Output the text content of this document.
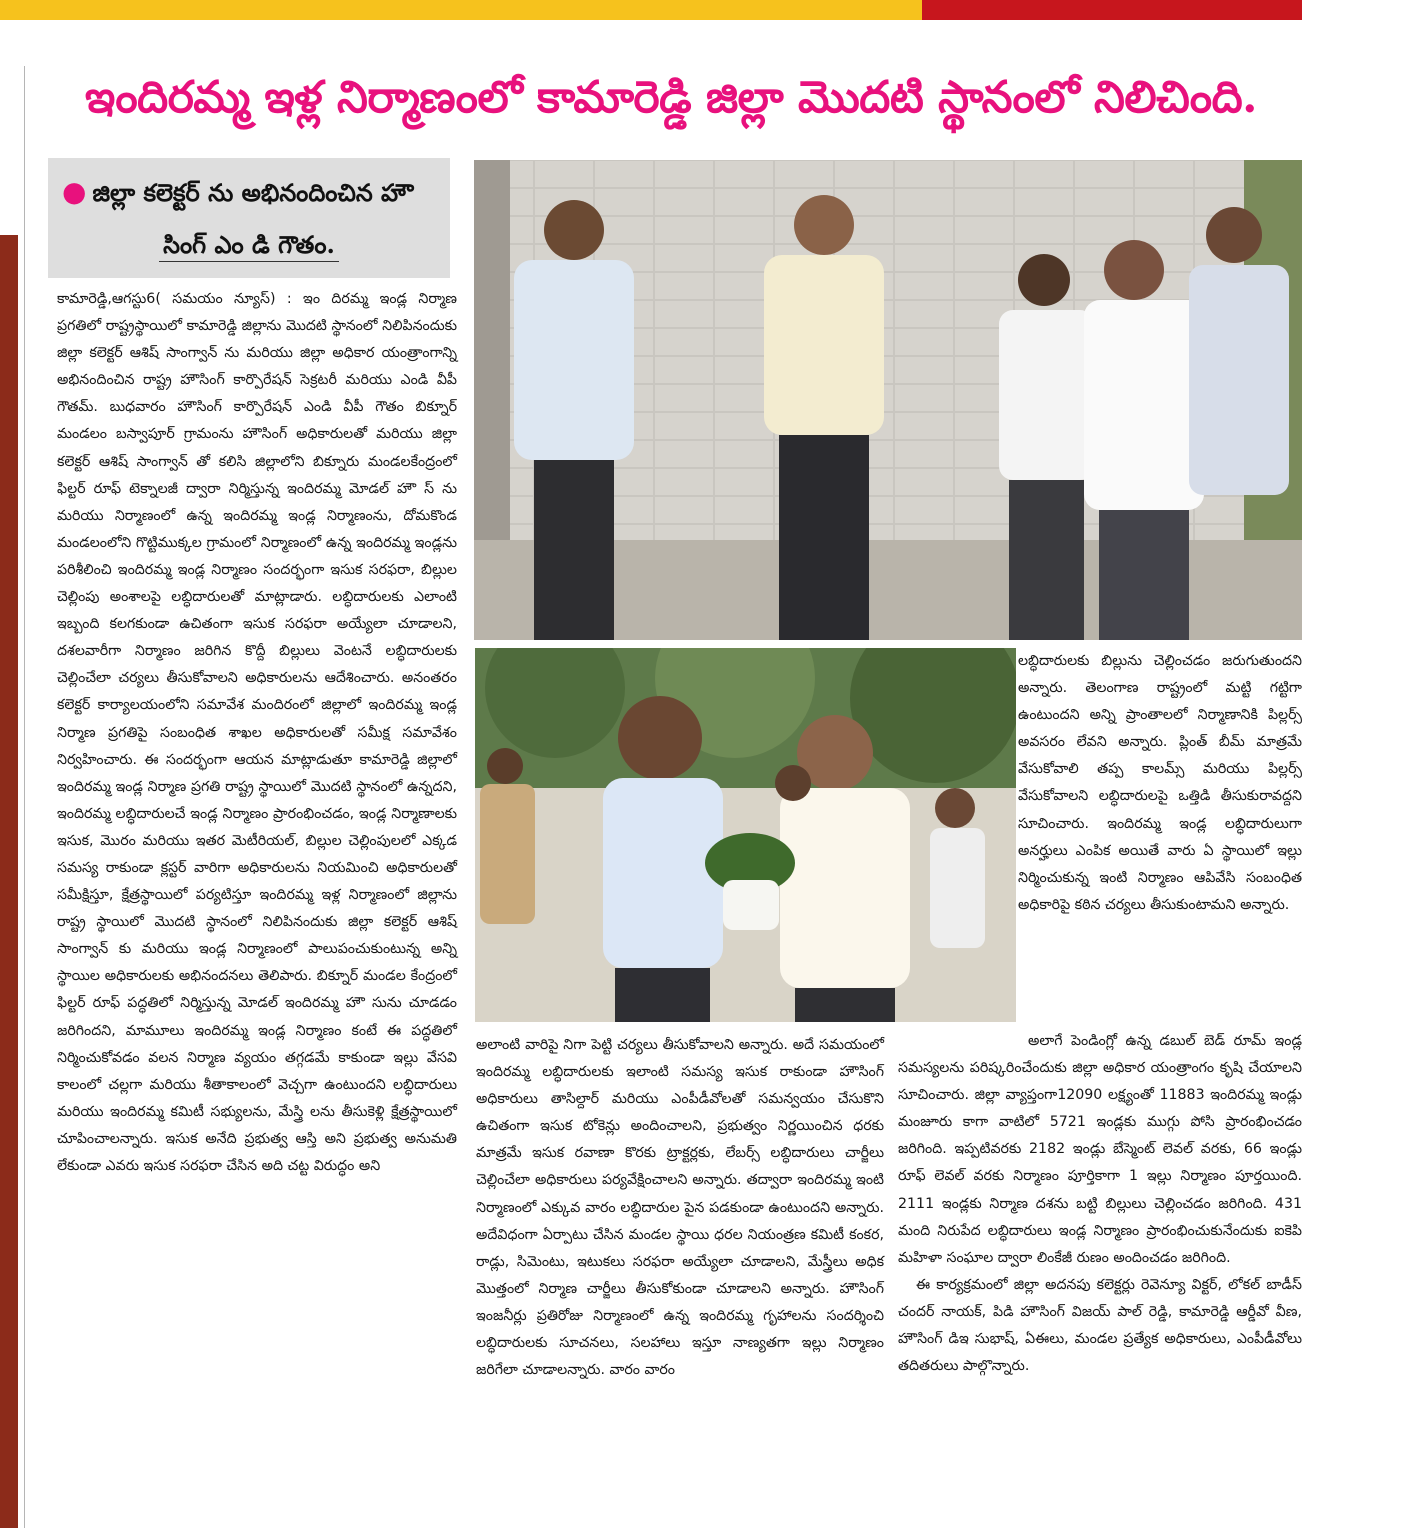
ఇందిరమ్మ ఇళ్ల నిర్మాణంలో కామారెడ్డి జిల్లా మొదటి స్థానంలో నిలిచింది.
● జిల్లా కలెక్టర్ ను అభినందించిన హౌ
సింగ్ ఎం డి గౌతం.

కామారెడ్డి,ఆగస్టు6( సమయం న్యూస్) : ఇం దిరమ్మ ఇండ్ల నిర్మాణ ప్రగతిలో రాష్ట్రస్థాయిలో కామారెడ్డి జిల్లాను మొదటి స్థానంలో నిలిపినందుకు జిల్లా కలెక్టర్ ఆశిష్ సాంగ్వాన్ ను మరియు జిల్లా అధికార యంత్రాంగాన్ని అభినందించిన రాష్ట్ర హౌసింగ్ కార్పొరేషన్ సెక్రటరీ మరియు ఎండి వీపీ గౌతమ్. బుధవారం హౌసింగ్ కార్పొరేషన్ ఎండి వీపీ గౌతం బిక్నూర్ మండలం బస్వాపూర్ గ్రామంను హౌసింగ్ అధికారులతో మరియు జిల్లా కలెక్టర్ ఆశిష్ సాంగ్వాన్ తో కలిసి జిల్లాలోని బిక్నూరు మండలకేంద్రంలో ఫిల్టర్ రూఫ్ టెక్నాలజీ ద్వారా నిర్మిస్తున్న ఇందిరమ్మ మోడల్ హౌ స్ ను మరియు నిర్మాణంలో ఉన్న ఇందిరమ్మ ఇండ్ల నిర్మాణంను, దోమకొండ మండలంలోని గొట్టిముక్కల గ్రామంలో నిర్మాణంలో ఉన్న ఇందిరమ్మ ఇండ్లను పరిశీలించి ఇందిరమ్మ ఇండ్ల నిర్మాణం సందర్భంగా ఇసుక సరఫరా, బిల్లుల చెల్లింపు అంశాలపై లబ్ధిదారులతో మాట్లాడారు. లబ్ధిదారులకు ఎలాంటి ఇబ్బంది కలగకుండా ఉచితంగా ఇసుక సరఫరా అయ్యేలా చూడాలని, దశలవారీగా నిర్మాణం జరిగిన కొద్దీ బిల్లులు వెంటనే లబ్ధిదారులకు చెల్లించేలా చర్యలు తీసుకోవాలని అధికారులను ఆదేశించారు. అనంతరం కలెక్టర్ కార్యాలయంలోని సమావేశ మందిరంలో జిల్లాలో ఇందిరమ్మ ఇండ్ల నిర్మాణ ప్రగతిపై సంబంధిత శాఖల అధికారులతో సమీక్ష సమావేశం నిర్వహించారు. ఈ సందర్భంగా ఆయన మాట్లాడుతూ కామారెడ్డి జిల్లాలో ఇందిరమ్మ ఇండ్ల నిర్మాణ ప్రగతి రాష్ట్ర స్థాయిలో మొదటి స్థానంలో ఉన్నదని, ఇందిరమ్మ లబ్ధిదారులచే ఇండ్ల నిర్మాణం ప్రారంభించడం, ఇండ్ల నిర్మాణాలకు ఇసుక, మొరం మరియు ఇతర మెటీరియల్, బిల్లుల చెల్లింపులలో ఎక్కడ సమస్య రాకుండా క్లస్టర్ వారిగా అధికారులను నియమించి అధికారులతో సమీక్షిస్తూ, క్షేత్రస్థాయిలో పర్యటిస్తూ ఇందిరమ్మ ఇళ్ల నిర్మాణంలో జిల్లాను రాష్ట్ర స్థాయిలో మొదటి స్థానంలో నిలిపినందుకు జిల్లా కలెక్టర్ ఆశిష్ సాంగ్వాన్ కు మరియు ఇండ్ల నిర్మాణంలో పాలుపంచుకుంటున్న అన్ని స్థాయిల అధికారులకు అభినందనలు తెలిపారు. బిక్నూర్ మండల కేంద్రంలో ఫిల్టర్ రూఫ్ పద్ధతిలో నిర్మిస్తున్న మోడల్ ఇందిరమ్మ హౌ సును చూడడం జరిగిందని, మామూలు ఇందిరమ్మ ఇండ్ల నిర్మాణం కంటే ఈ పద్ధతిలో నిర్మించుకోవడం వలన నిర్మాణ వ్యయం తగ్గడమే కాకుండా ఇల్లు వేసవి కాలంలో చల్లగా మరియు శీతాకాలంలో వెచ్చగా ఉంటుందని లబ్ధిదారులు మరియు ఇందిరమ్మ కమిటీ సభ్యులను, మేస్త్రి లను తీసుకెళ్లి క్షేత్రస్థాయిలో చూపించాలన్నారు. ఇసుక అనేది ప్రభుత్వ ఆస్తి అని ప్రభుత్వ అనుమతి లేకుండా ఎవరు ఇసుక సరఫరా చేసిన అది చట్ట విరుద్ధం అని

లబ్ధిదారులకు బిల్లును చెల్లించడం జరుగుతుందని అన్నారు. తెలంగాణ రాష్ట్రంలో మట్టి గట్టిగా ఉంటుందని అన్ని ప్రాంతాలలో నిర్మాణానికి పిల్లర్స్ అవసరం లేవని అన్నారు. ప్లింత్ బీమ్ మాత్రమే వేసుకోవాలి తప్ప కాలమ్స్ మరియు పిల్లర్స్ వేసుకోవాలని లబ్ధిదారులపై ఒత్తిడి తీసుకురావద్దని సూచించారు. ఇందిరమ్మ ఇండ్ల లబ్ధిదారులుగా అనర్హులు ఎంపిక అయితే వారు ఏ స్థాయిలో ఇల్లు నిర్మించుకున్న ఇంటి నిర్మాణం ఆపివేసి సంబంధిత అధికారిపై కఠిన చర్యలు తీసుకుంటామని అన్నారు.

అలాంటి వారిపై నిగా పెట్టి చర్యలు తీసుకోవాలని అన్నారు. అదే సమయంలో ఇందిరమ్మ లబ్ధిదారులకు ఇలాంటి సమస్య ఇసుక రాకుండా హౌసింగ్ అధికారులు తాసిల్దార్ మరియు ఎంపీడీవోలతో సమన్వయం చేసుకొని ఉచితంగా ఇసుక టోకెన్లు అందించాలని, ప్రభుత్వం నిర్ణయించిన ధరకు మాత్రమే ఇసుక రవాణా కొరకు ట్రాక్టర్లకు, లేబర్స్ లబ్ధిదారులు చార్జీలు చెల్లించేలా అధికారులు పర్యవేక్షించాలని అన్నారు. తద్వారా ఇందిరమ్మ ఇంటి నిర్మాణంలో ఎక్కువ వారం లబ్ధిదారుల పైన పడకుండా ఉంటుందని అన్నారు. అదేవిధంగా ఏర్పాటు చేసిన మండల స్థాయి ధరల నియంత్రణ కమిటీ కంకర, రాడ్లు, సిమెంటు, ఇటుకలు సరఫరా అయ్యేలా చూడాలని, మేస్త్రీలు అధిక మొత్తంలో నిర్మాణ చార్జీలు తీసుకోకుండా చూడాలని అన్నారు. హౌసింగ్ ఇంజనీర్లు ప్రతిరోజు నిర్మాణంలో ఉన్న ఇందిరమ్మ గృహాలను సందర్శించి లబ్ధిదారులకు సూచనలు, సలహాలు ఇస్తూ నాణ్యతగా ఇల్లు నిర్మాణం జరిగేలా చూడాలన్నారు. వారం వారం

అలాగే పెండింగ్లో ఉన్న డబుల్ బెడ్ రూమ్ ఇండ్ల సమస్యలను పరిష్కరించేందుకు జిల్లా అధికార యంత్రాంగం కృషి చేయాలని సూచించారు. జిల్లా వ్యాప్తంగా12090 లక్ష్యంతో 11883 ఇందిరమ్మ ఇండ్లు మంజూరు కాగా వాటిలో 5721 ఇండ్లకు ముగ్గు పోసి ప్రారంభించడం జరిగింది. ఇప్పటివరకు 2182 ఇండ్లు బేస్మెంట్ లెవల్ వరకు, 66 ఇండ్లు రూఫ్ లెవల్ వరకు నిర్మాణం పూర్తికాగా 1 ఇల్లు నిర్మాణం పూర్తయింది. 2111 ఇండ్లకు నిర్మాణ దశను బట్టి బిల్లులు చెల్లించడం జరిగింది. 431 మంది నిరుపేద లబ్ధిదారులు ఇండ్ల నిర్మాణం ప్రారంభించుకునేందుకు ఐకెపి మహిళా సంఘాల ద్వారా లింకేజీ రుణం అందించడం జరిగింది.

ఈ కార్యక్రమంలో జిల్లా అదనపు కలెక్టర్లు రెవెన్యూ విక్టర్, లోకల్ బాడీస్ చందర్ నాయక్, పిడి హౌసింగ్ విజయ్ పాల్ రెడ్డి, కామారెడ్డి ఆర్డీవో వీణ, హౌసింగ్ డిఇ సుభాష్, ఏఈలు, మండల ప్రత్యేక అధికారులు, ఎంపీడీవోలు తదితరులు పాల్గొన్నారు.
